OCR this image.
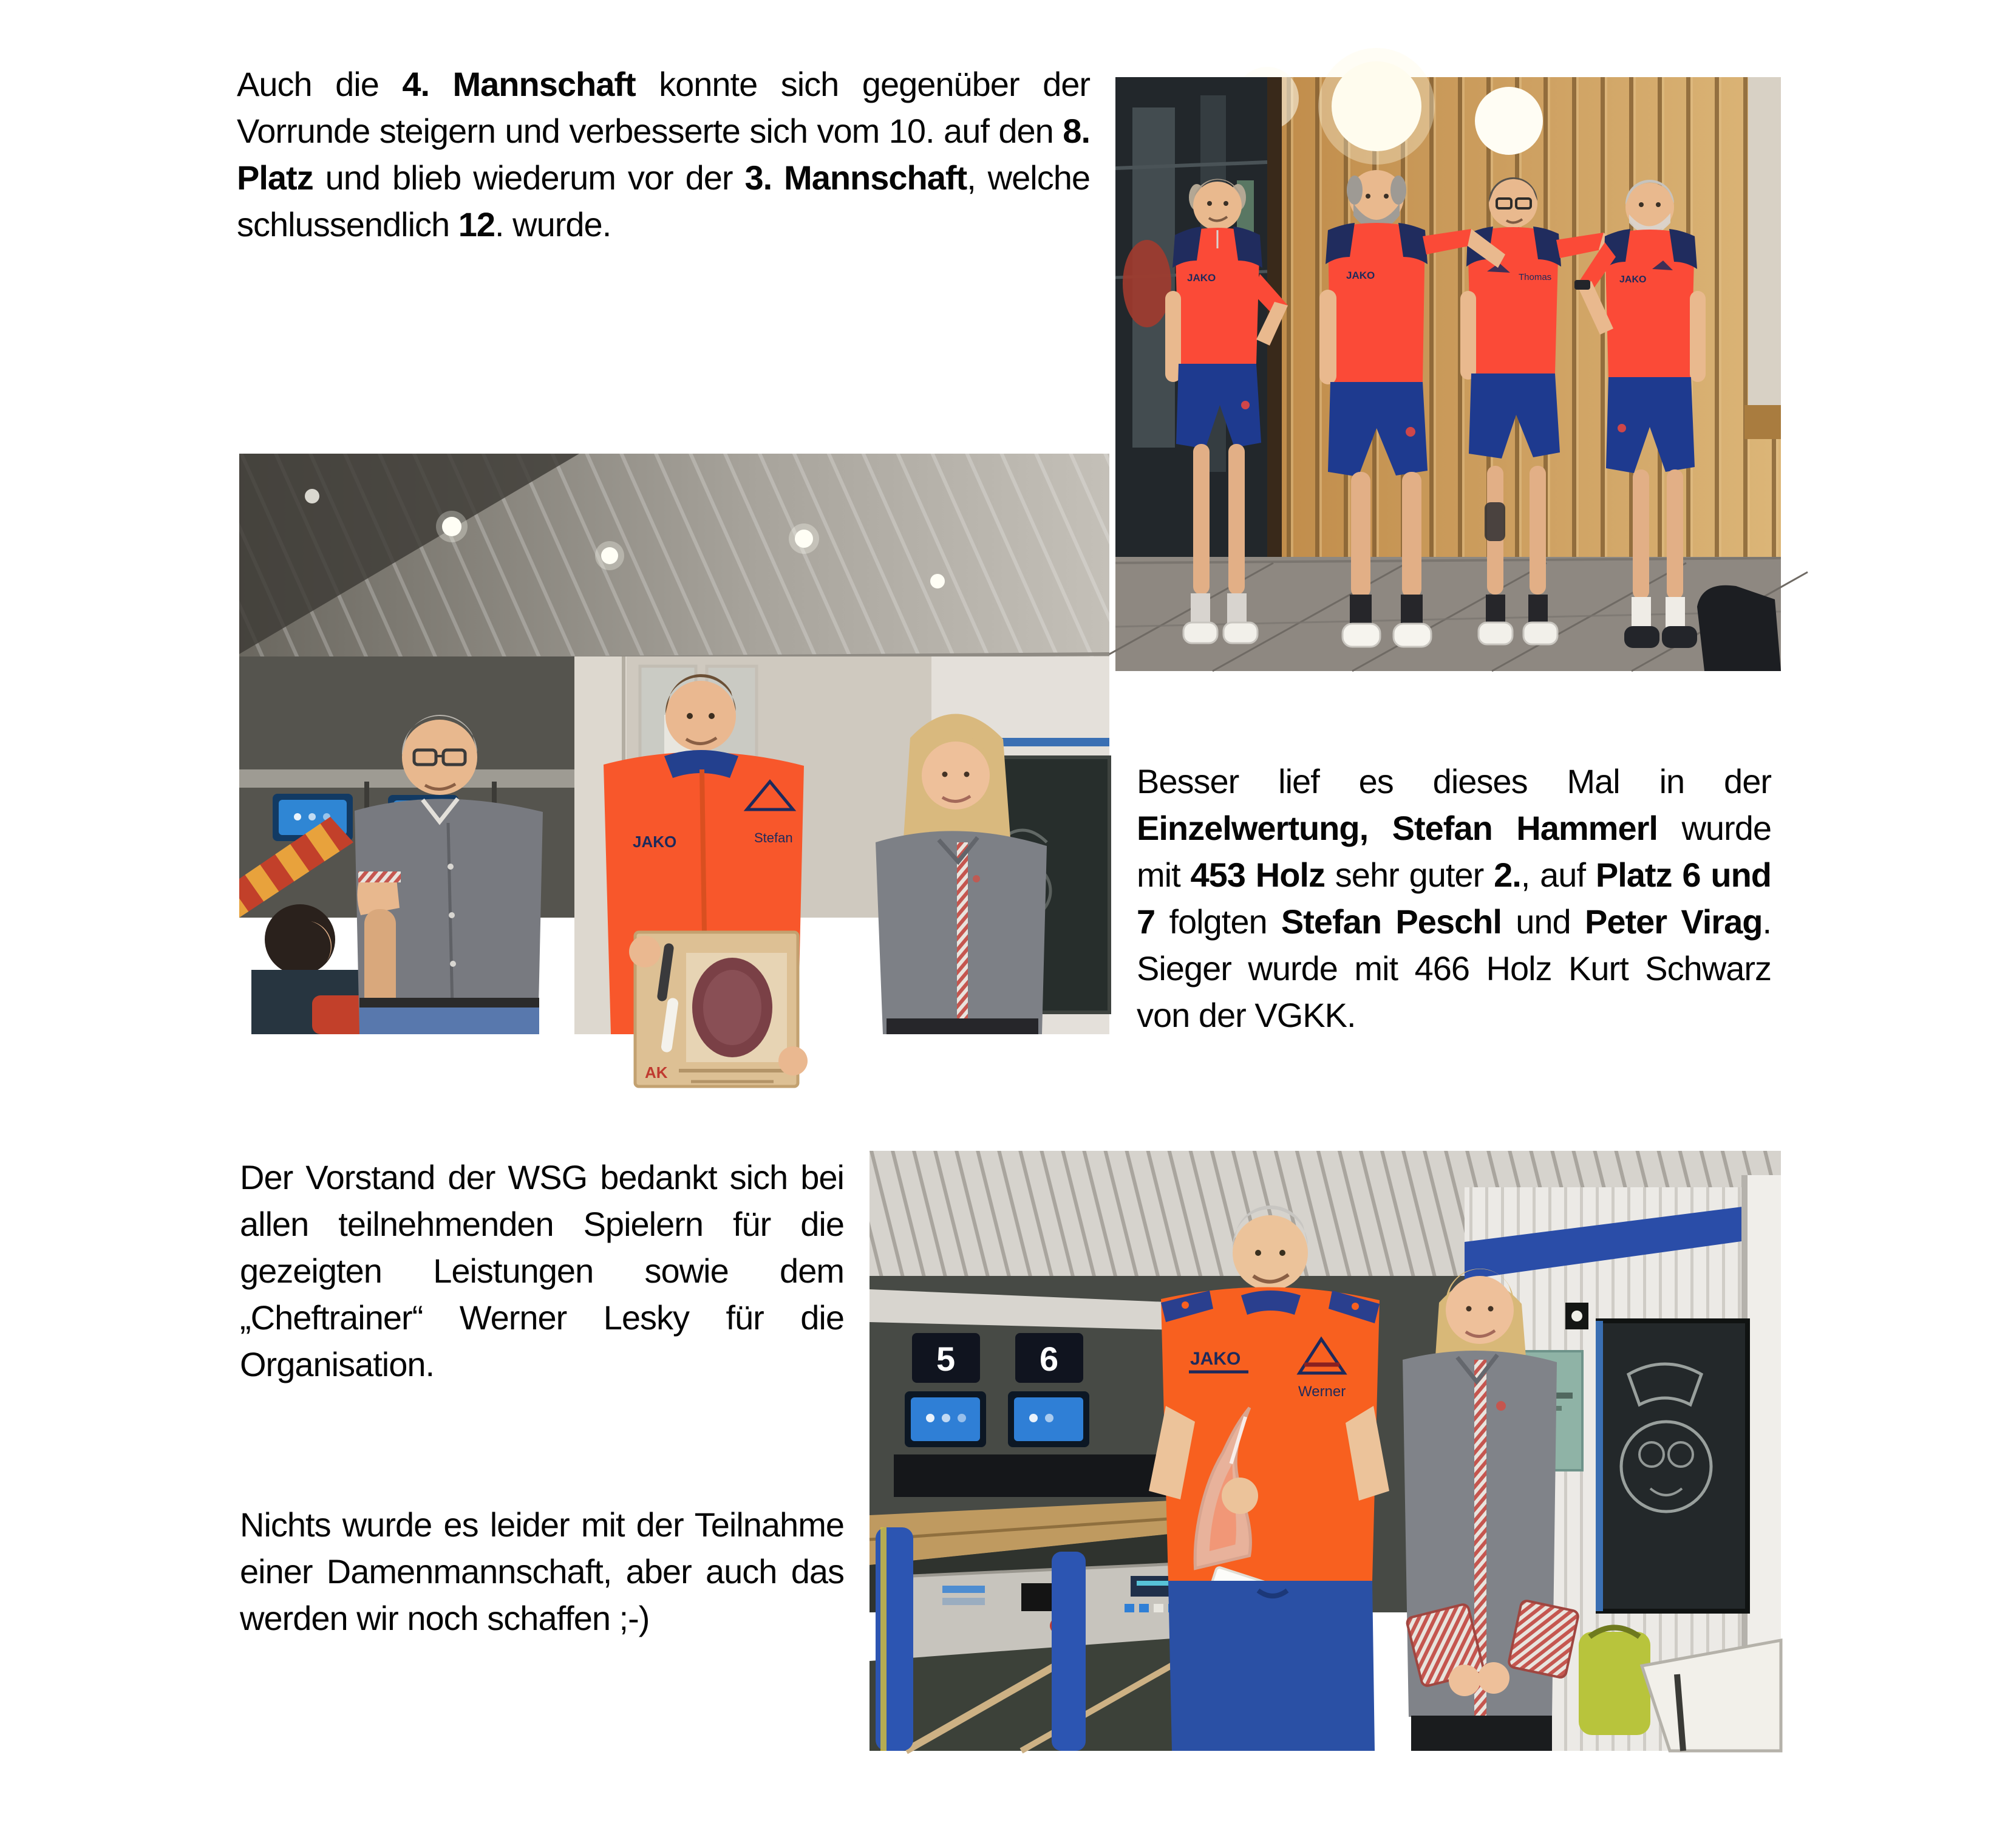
Auch die 4. Mannschaft konnte sich gegenüber der Vorrunde steigern und verbesserte sich vom 10. auf den 8. Platz und blieb wiederum vor der 3. Mannschaft, welche schlussendlich 12. wurde.
Besser lief es dieses Mal in der Einzelwertung, Stefan Hammerl wurde mit 453 Holz sehr guter 2., auf Platz 6 und 7 folgten Stefan Peschl und Peter Virag. Sieger wurde mit 466 Holz Kurt Schwarz von der VGKK.
Der Vorstand der WSG bedankt sich bei allen teilnehmenden Spielern für die gezeigten Leistungen sowie dem „Cheftrainer“ Werner Lesky für die Organisation.
Nichts wurde es leider mit der Teilnahme einer Damenmannschaft, aber auch das werden wir noch schaffen ;-)
JAKO	Thomas
JAKO	JAKO
JAKO	Stefan
AK
5 6	JAKO
Werner
